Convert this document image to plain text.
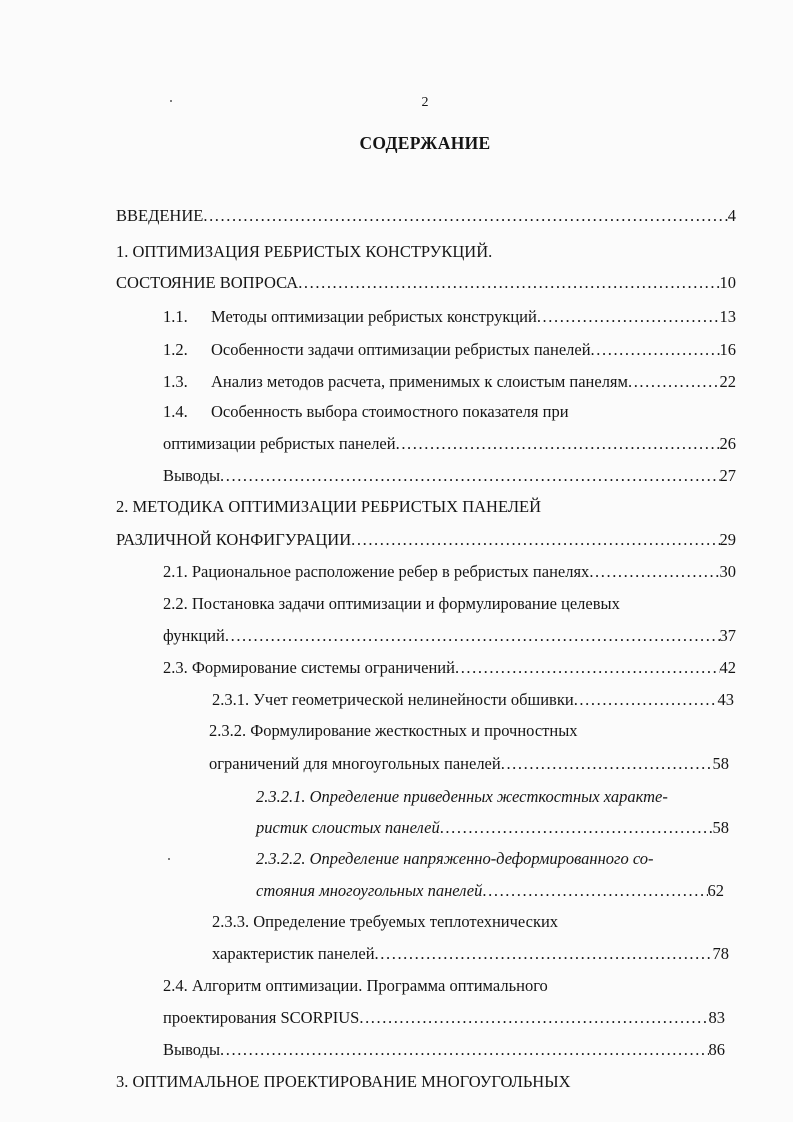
2
СОДЕРЖАНИЕ
ВВЕДЕНИЕ .....	4
1. ОПТИМИЗАЦИЯ РЕБРИСТЫХ КОНСТРУКЦИЙ.
СОСТОЯНИЕ ВОПРОСА .....	10
1.1. Методы оптимизации ребристых конструкций .....	13
1.2. Особенности задачи оптимизации ребристых панелей .....	16
1.3. Анализ методов расчета, применимых к слоистым панелям .....	22
1.4. Особенность выбора стоимостного показателя при
оптимизации ребристых панелей .....	26
Выводы .....	27
2. МЕТОДИКА ОПТИМИЗАЦИИ РЕБРИСТЫХ ПАНЕЛЕЙ
РАЗЛИЧНОЙ КОНФИГУРАЦИИ .....	29
2.1. Рациональное расположение ребер в ребристых панелях .....	30
2.2. Постановка задачи оптимизации и формулирование целевых
функций .....	37
2.3. Формирование системы ограничений .....	42
2.3.1. Учет геометрической нелинейности обшивки .....	43
2.3.2. Формулирование жесткостных и прочностных
ограничений для многоугольных панелей .....	58
2.3.2.1. Определение приведенных жесткостных характе-
ристик слоистых панелей .....	58
2.3.2.2. Определение напряженно-деформированного со-
стояния многоугольных панелей .....	62
2.3.3. Определение требуемых теплотехнических
характеристик панелей .....	78
2.4. Алгоритм оптимизации. Программа оптимального
проектирования SCORPIUS .....	83
Выводы .....	86
3. ОПТИМАЛЬНОЕ ПРОЕКТИРОВАНИЕ МНОГОУГОЛЬНЫХ
